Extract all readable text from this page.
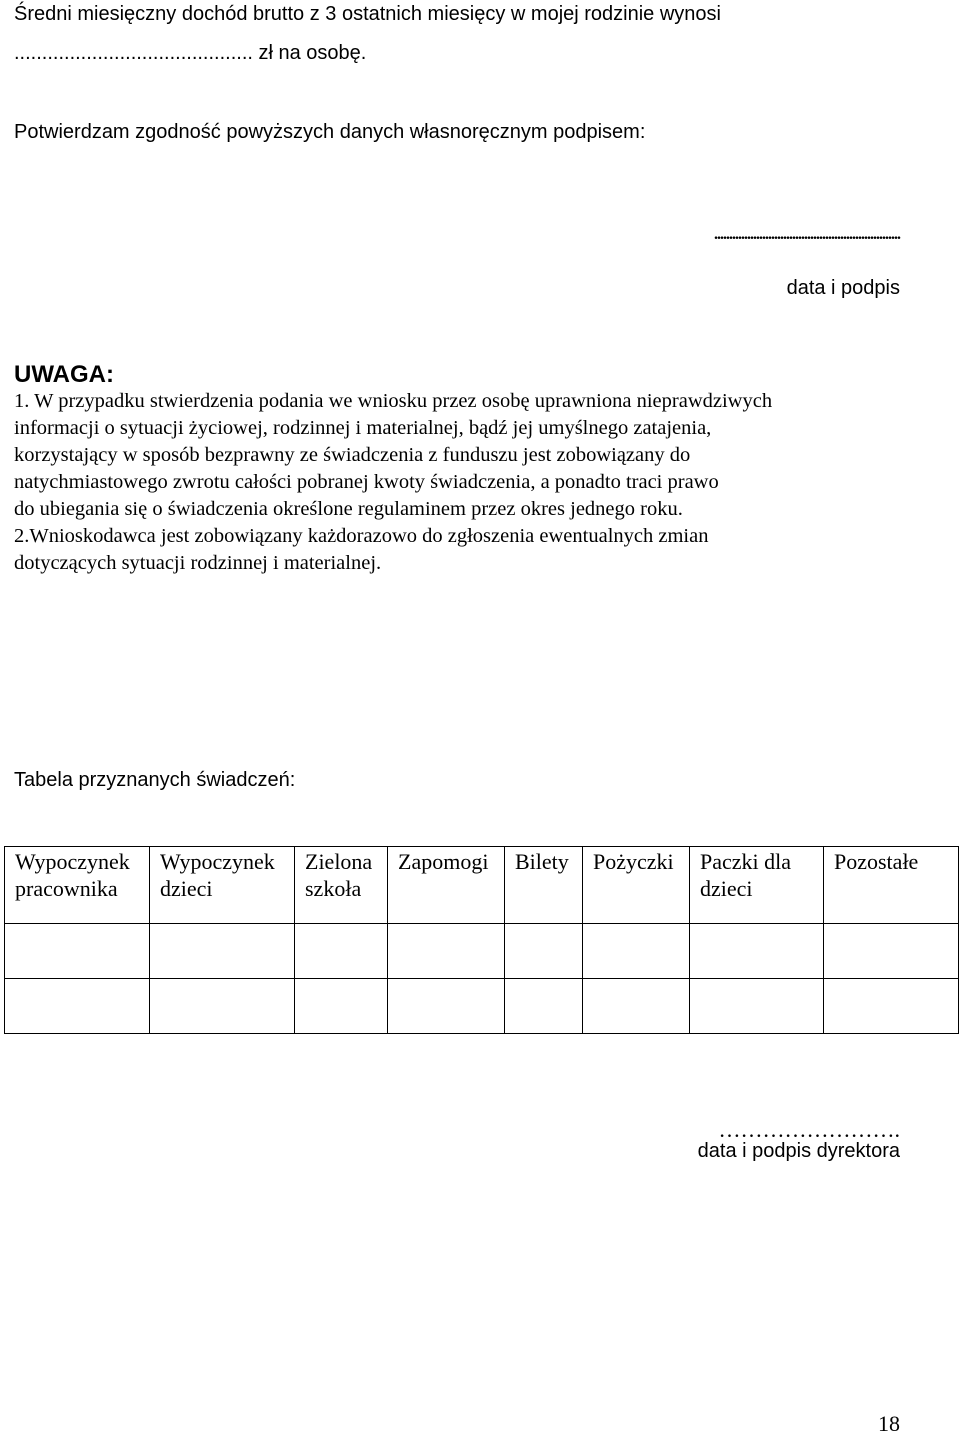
Średni miesięczny dochód brutto z 3 ostatnich miesięcy w mojej rodzinie wynosi
........................................... zł na osobę.
Potwierdzam zgodność powyższych danych własnoręcznym podpisem:
..............................................................
data i podpis
UWAGA:

1. W przypadku stwierdzenia podania we wniosku przez osobę uprawniona nieprawdziwych

informacji o sytuacji życiowej, rodzinnej i materialnej, bądź jej umyślnego zatajenia,

korzystający w sposób bezprawny ze świadczenia z funduszu jest zobowiązany do

natychmiastowego zwrotu całości pobranej kwoty świadczenia, a ponadto traci prawo

do ubiegania się o świadczenia określone regulaminem przez okres jednego roku.

2.Wnioskodawca jest zobowiązany każdorazowo do zgłoszenia ewentualnych zmian

dotyczących sytuacji rodzinnej i materialnej.

Tabela przyznanych świadczeń:
Wypoczynek pracownika	Wypoczynek dzieci	Zielona szkoła	Zapomogi	Bilety	Pożyczki	Paczki dla dzieci	Pozostałe

…………………….
data i podpis dyrektora
18
